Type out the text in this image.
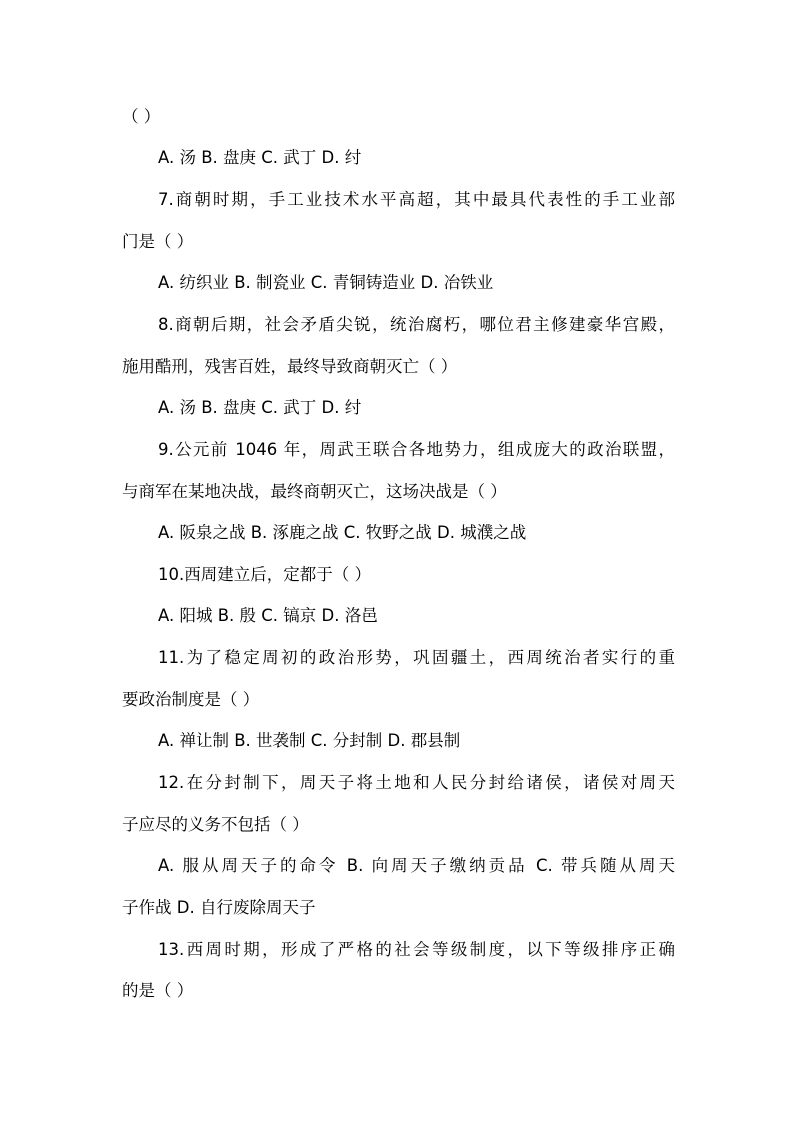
（ ）
A. 汤 B. 盘庚 C. 武丁 D. 纣
7.商朝时期，手工业技术水平高超，其中最具代表性的手工业部
门是（ ）
A. 纺织业 B. 制瓷业 C. 青铜铸造业 D. 冶铁业
8.商朝后期，社会矛盾尖锐，统治腐朽，哪位君主修建豪华宫殿，
施用酷刑，残害百姓，最终导致商朝灭亡（ ）
A. 汤 B. 盘庚 C. 武丁 D. 纣
9.公元前 1046 年，周武王联合各地势力，组成庞大的政治联盟，
与商军在某地决战，最终商朝灭亡，这场决战是（ ）
A. 阪泉之战 B. 涿鹿之战 C. 牧野之战 D. 城濮之战
10.西周建立后，定都于（ ）
A. 阳城 B. 殷 C. 镐京 D. 洛邑
11.为了稳定周初的政治形势，巩固疆土，西周统治者实行的重
要政治制度是（ ）
A. 禅让制 B. 世袭制 C. 分封制 D. 郡县制
12.在分封制下，周天子将土地和人民分封给诸侯，诸侯对周天
子应尽的义务不包括（ ）
A. 服从周天子的命令 B. 向周天子缴纳贡品 C. 带兵随从周天
子作战 D. 自行废除周天子
13.西周时期，形成了严格的社会等级制度，以下等级排序正确
的是（ ）
